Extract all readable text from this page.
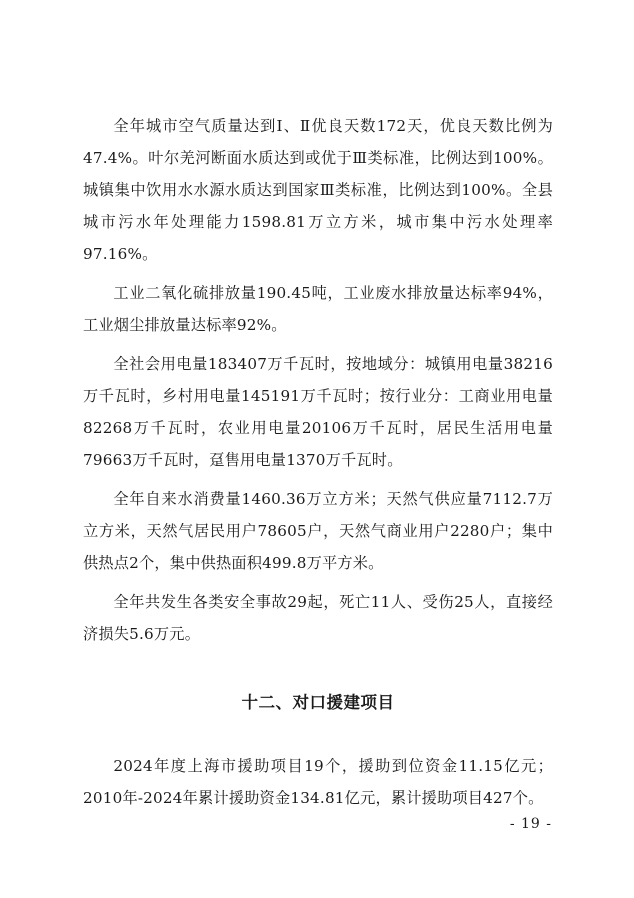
全年城市空气质量达到Ⅰ、Ⅱ优良天数172天，优良天数比例为47.4%。叶尔羌河断面水质达到或优于Ⅲ类标准，比例达到100%。城镇集中饮用水水源水质达到国家Ⅲ类标准，比例达到100%。全县城市污水年处理能力1598.81万立方米，城市集中污水处理率97.16%。

工业二氧化硫排放量190.45吨，工业废水排放量达标率94%，工业烟尘排放量达标率92%。

全社会用电量183407万千瓦时，按地域分：城镇用电量38216万千瓦时，乡村用电量145191万千瓦时；按行业分：工商业用电量82268万千瓦时，农业用电量20106万千瓦时，居民生活用电量79663万千瓦时，趸售用电量1370万千瓦时。

全年自来水消费量1460.36万立方米；天然气供应量7112.7万立方米，天然气居民用户78605户，天然气商业用户2280户；集中供热点2个，集中供热面积499.8万平方米。

全年共发生各类安全事故29起，死亡11人、受伤25人，直接经济损失5.6万元。

十二、对口援建项目

2024年度上海市援助项目19个，援助到位资金11.15亿元；2010年-2024年累计援助资金134.81亿元，累计援助项目427个。

- 19 -
